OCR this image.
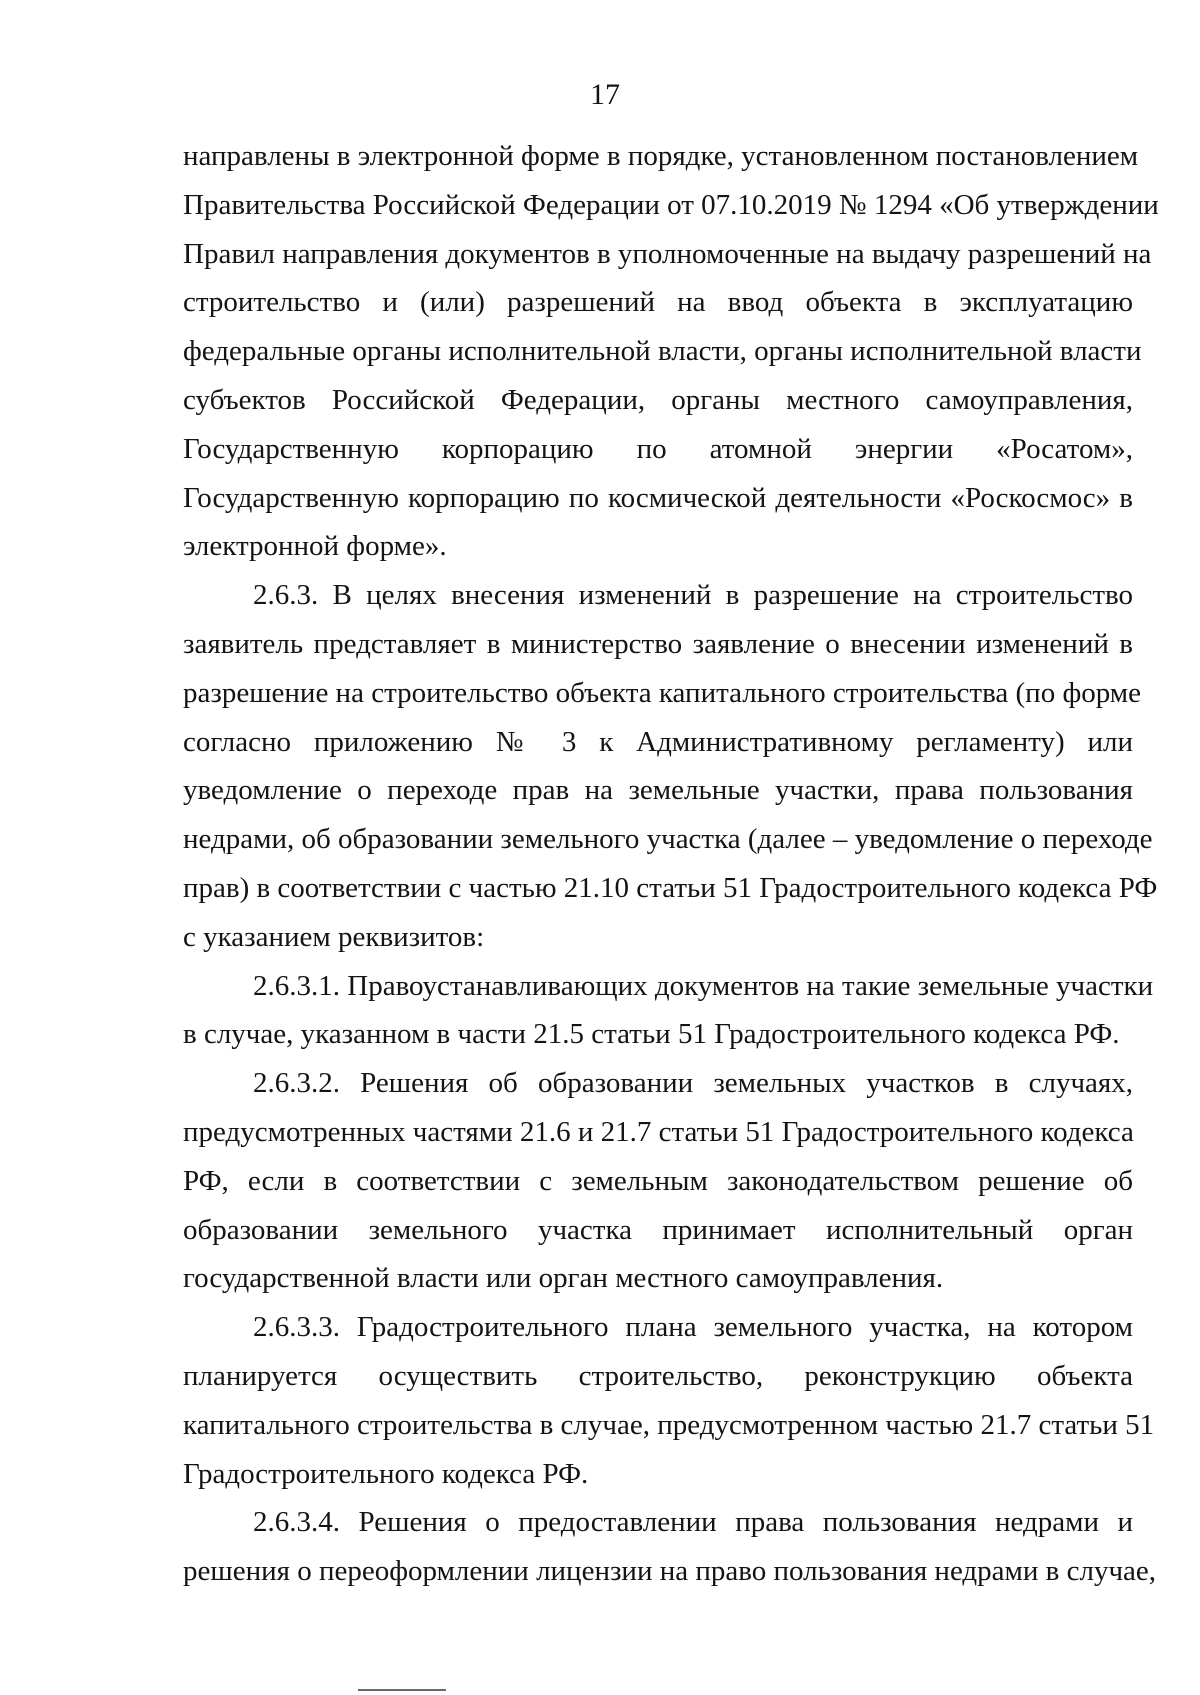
17
направлены в электронной форме в порядке, установленном постановлением
Правительства Российской Федерации от 07.10.2019 № 1294 «Об утверждении
Правил направления документов в уполномоченные на выдачу разрешений на
строительство и (или) разрешений на ввод объекта в эксплуатацию
федеральные органы исполнительной власти, органы исполнительной власти
субъектов Российской Федерации, органы местного самоуправления,
Государственную корпорацию по атомной энергии «Росатом»,
Государственную корпорацию по космической деятельности «Роскосмос» в
электронной форме».
2.6.3. В целях внесения изменений в разрешение на строительство
заявитель представляет в министерство заявление о внесении изменений в
разрешение на строительство объекта капитального строительства (по форме
согласно приложению № 3 к Административному регламенту) или
уведомление о переходе прав на земельные участки, права пользования
недрами, об образовании земельного участка (далее – уведомление о переходе
прав) в соответствии с частью 21.10 статьи 51 Градостроительного кодекса РФ
с указанием реквизитов:
2.6.3.1. Правоустанавливающих документов на такие земельные участки
в случае, указанном в части 21.5 статьи 51 Градостроительного кодекса РФ.
2.6.3.2. Решения об образовании земельных участков в случаях,
предусмотренных частями 21.6 и 21.7 статьи 51 Градостроительного кодекса
РФ, если в соответствии с земельным законодательством решение об
образовании земельного участка принимает исполнительный орган
государственной власти или орган местного самоуправления.
2.6.3.3. Градостроительного плана земельного участка, на котором
планируется осуществить строительство, реконструкцию объекта
капитального строительства в случае, предусмотренном частью 21.7 статьи 51
Градостроительного кодекса РФ.
2.6.3.4. Решения о предоставлении права пользования недрами и
решения о переоформлении лицензии на право пользования недрами в случае,
